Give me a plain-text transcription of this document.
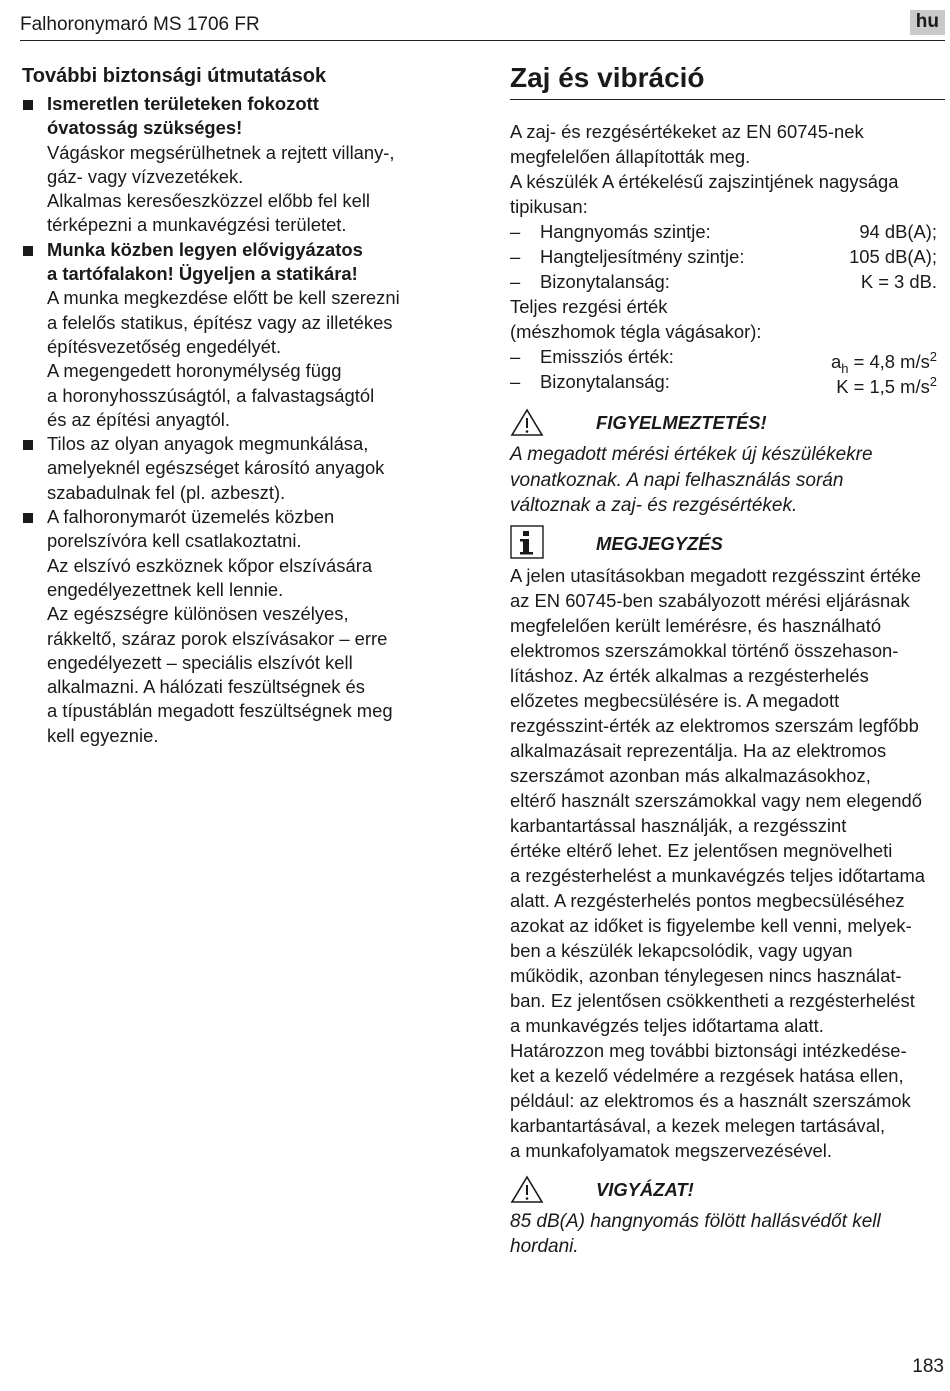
Falhoronymaró MS 1706 FR	hu
További biztonsági útmutatások

Ismeretlen területeken fokozott

óvatosság szükséges!

Vágáskor megsérülhetnek a rejtett villany-,

gáz- vagy vízvezetékek.

Alkalmas keresőeszközzel előbb fel kell

térképezni a munkavégzési területet.

Munka közben legyen elővigyázatos

a tartófalakon! Ügyeljen a statikára!

A munka megkezdése előtt be kell szerezni

a felelős statikus, építész vagy az illetékes

építésvezetőség engedélyét.

A megengedett horonymélység függ

a horonyhosszúságtól, a falvastagságtól

és az építési anyagtól.

Tilos az olyan anyagok megmunkálása,

amelyeknél egészséget károsító anyagok

szabadulnak fel (pl. azbeszt).

A falhoronymarót üzemelés közben

porelszívóra kell csatlakoztatni.

Az elszívó eszköznek kőpor elszívására

engedélyezettnek kell lennie.

Az egészségre különösen veszélyes,

rákkeltő, száraz porok elszívásakor – erre

engedélyezett – speciális elszívót kell

alkalmazni. A hálózati feszültségnek és

a típustáblán megadott feszültségnek meg

kell egyeznie.

Zaj és vibráció

A zaj- és rezgésértékeket az EN 60745-nek

megfelelően állapították meg.

A készülék A értékelésű zajszintjének nagysága

tipikusan:

– Hangnyomás szintje:	94 dB(A);
– Hangteljesítmény szintje:	105 dB(A);
– Bizonytalanság:	K = 3 dB.

Teljes rezgési érték

(mészhomok tégla vágásakor):

– Emissziós érték:	$a_h = 4,8$ $m/s^2$
– Bizonytalanság:	K = 1,5 $m/s^2$
FIGYELMEZTETÉS!

A megadott mérési értékek új készülékekre

vonatkoznak. A napi felhasználás során

változnak a zaj- és rezgésértékek.

MEGJEGYZÉS

A jelen utasításokban megadott rezgésszint értéke

az EN 60745-ben szabályozott mérési eljárásnak

megfelelően került lemérésre, és használható

elektromos szerszámokkal történő összehason-

lításhoz. Az érték alkalmas a rezgésterhelés

előzetes megbecsülésére is. A megadott

rezgésszint-érték az elektromos szerszám legfőbb

alkalmazásait reprezentálja. Ha az elektromos

szerszámot azonban más alkalmazásokhoz,

eltérő használt szerszámokkal vagy nem elegendő

karbantartással használják, a rezgésszint

értéke eltérő lehet. Ez jelentősen megnövelheti

a rezgésterhelést a munkavégzés teljes időtartama

alatt. A rezgésterhelés pontos megbecsüléséhez

azokat az időket is figyelembe kell venni, melyek-

ben a készülék lekapcsolódik, vagy ugyan

működik, azonban ténylegesen nincs használat-

ban. Ez jelentősen csökkentheti a rezgésterhelést

a munkavégzés teljes időtartama alatt.

Határozzon meg további biztonsági intézkedése-

ket a kezelő védelmére a rezgések hatása ellen,

például: az elektromos és a használt szerszámok

karbantartásával, a kezek melegen tartásával,

a munkafolyamatok megszervezésével.

VIGYÁZAT!

85 dB(A) hangnyomás fölött hallásvédőt kell

hordani.

183
